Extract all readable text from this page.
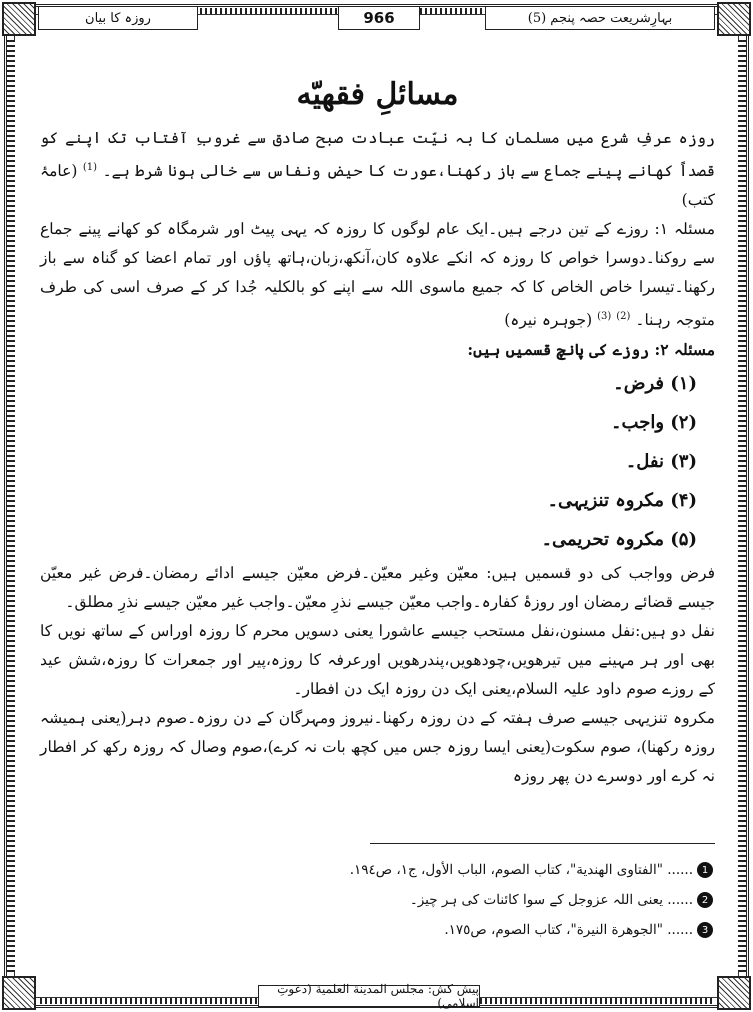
بہارِشریعت حصہ پنجم (5)
966
روزہ کا بیان
مسائلِ فقهيّه

روزہ عرفِ شرع میں مسلمان کا بہ نیّت عبادت صبح صادق سے غروبِ آفتاب تک اپنے کو قصداً کھانے پینے جماع سے باز رکھنا،عورت کا حیض ونفاس سے خالی ہونا شرط ہے۔ $^{(1)}$ (عامۂ کتب)

مسئلہ ۱: روزے کے تین درجے ہیں۔ایک عام لوگوں کا روزہ کہ یہی پیٹ اور شرمگاہ کو کھانے پینے جماع سے روکنا۔دوسرا خواص کا روزہ کہ انکے علاوہ کان،آنکھ،زبان،ہاتھ پاؤں اور تمام اعضا کو گناہ سے باز رکھنا۔تیسرا خاص الخاص کا کہ جمیع ماسوی اللہ سے اپنے کو بالکلیہ جُدا کر کے صرف اسی کی طرف متوجہ رہنا۔ $^{(2)}$ $^{(3)}$ (جوہرہ نیرہ)

مسئلہ ۲: روزے کی پانچ قسمیں ہیں:

(۱) فرض۔
(۲) واجب۔
(۳) نفل۔
(۴) مکروہ تنزیہی۔
(۵) مکروہ تحریمی۔

فرض وواجب کی دو قسمیں ہیں: معیّن وغیر معیّن۔فرض معیّن جیسے ادائے رمضان۔فرض غیر معیّن جیسے قضائے رمضان اور روزۂ کفارہ۔واجب معیّن جیسے نذرِ معیّن۔واجب غیر معیّن جیسے نذرِ مطلق۔

نفل دو ہیں:نفل مسنون،نفل مستحب جیسے عاشورا یعنی دسویں محرم کا روزہ اوراس کے ساتھ نویں کا بھی اور ہر مہینے میں تیرھویں،چودھویں،پندرھویں اورعرفہ کا روزہ،پیر اور جمعرات کا روزہ،شش عید کے روزے صوم داود علیہ السلام،یعنی ایک دن روزہ ایک دن افطار۔

مکروہ تنزیہی جیسے صرف ہفتہ کے دن روزہ رکھنا۔نیروز ومہرگان کے دن روزہ۔صوم دہر(یعنی ہمیشہ روزہ رکھنا)، صوم سکوت(یعنی ایسا روزہ جس میں کچھ بات نہ کرے)،صوم وصال کہ روزہ رکھ کر افطار نہ کرے اور دوسرے دن پھر روزہ

1
...... "الفتاوى الهندية"، كتاب الصوم، الباب الأول، ج١، ص١٩٤.
2
...... یعنی اللہ عزوجل کے سوا کائنات کی ہر چیز۔
3
...... "الجوهرة النيرة"، كتاب الصوم، ص١٧٥.
پیش کش: مجلس المدينة العلمية (دعوتِ اسلامی)
